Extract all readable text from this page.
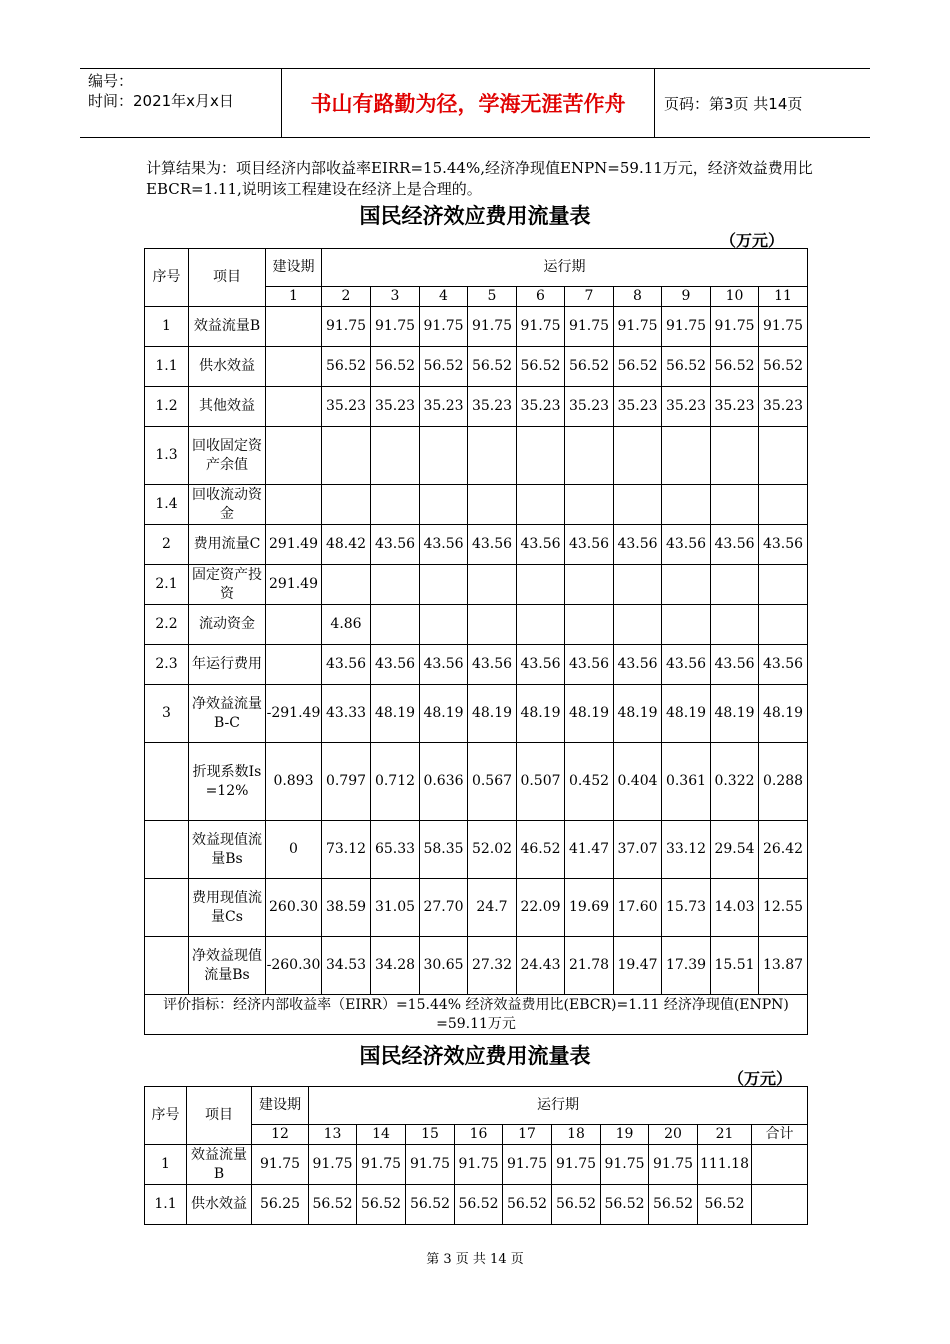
编号：
时间：2021年x月x日	书山有路勤为径，学海无涯苦作舟	页码：第3页 共14页
计算结果为：项目经济内部收益率EIRR=15.44%,经济净现值ENPN=59.11万元，经济效益费用比EBCR=1.11,说明该工程建设在经济上是合理的。
国民经济效应费用流量表
（万元）
序号	项目	建设期	运行期									
		1	2	3	4	5	6	7	8	9	10	11
1	效益流量B		91.75	91.75	91.75	91.75	91.75	91.75	91.75	91.75	91.75	91.75
1.1	供水效益		56.52	56.52	56.52	56.52	56.52	56.52	56.52	56.52	56.52	56.52
1.2	其他效益		35.23	35.23	35.23	35.23	35.23	35.23	35.23	35.23	35.23	35.23
1.3	回收固定资产余值											
1.4	回收流动资金											
2	费用流量C	291.49	48.42	43.56	43.56	43.56	43.56	43.56	43.56	43.56	43.56	43.56
2.1	固定资产投资	291.49										
2.2	流动资金		4.86									
2.3	年运行费用		43.56	43.56	43.56	43.56	43.56	43.56	43.56	43.56	43.56	43.56
3	净效益流量B-C	-291.49	43.33	48.19	48.19	48.19	48.19	48.19	48.19	48.19	48.19	48.19
	折现系数Is=12%	0.893	0.797	0.712	0.636	0.567	0.507	0.452	0.404	0.361	0.322	0.288
	效益现值流量Bs	0	73.12	65.33	58.35	52.02	46.52	41.47	37.07	33.12	29.54	26.42
	费用现值流量Cs	260.30	38.59	31.05	27.70	24.7	22.09	19.69	17.60	15.73	14.03	12.55
	净效益现值流量Bs	-260.30	34.53	34.28	30.65	27.32	24.43	21.78	19.47	17.39	15.51	13.87
评价指标：经济内部收益率（EIRR）=15.44% 经济效益费用比(EBCR)=1.11 经济净现值(ENPN)=59.11万元												
国民经济效应费用流量表
（万元）
序号	项目	建设期	运行期									
		12	13	14	15	16	17	18	19	20	21	合计
1	效益流量B	91.75	91.75	91.75	91.75	91.75	91.75	91.75	91.75	91.75	111.18	
1.1	供水效益	56.25	56.52	56.52	56.52	56.52	56.52	56.52	56.52	56.52	56.52	
第 3 页 共 14 页
